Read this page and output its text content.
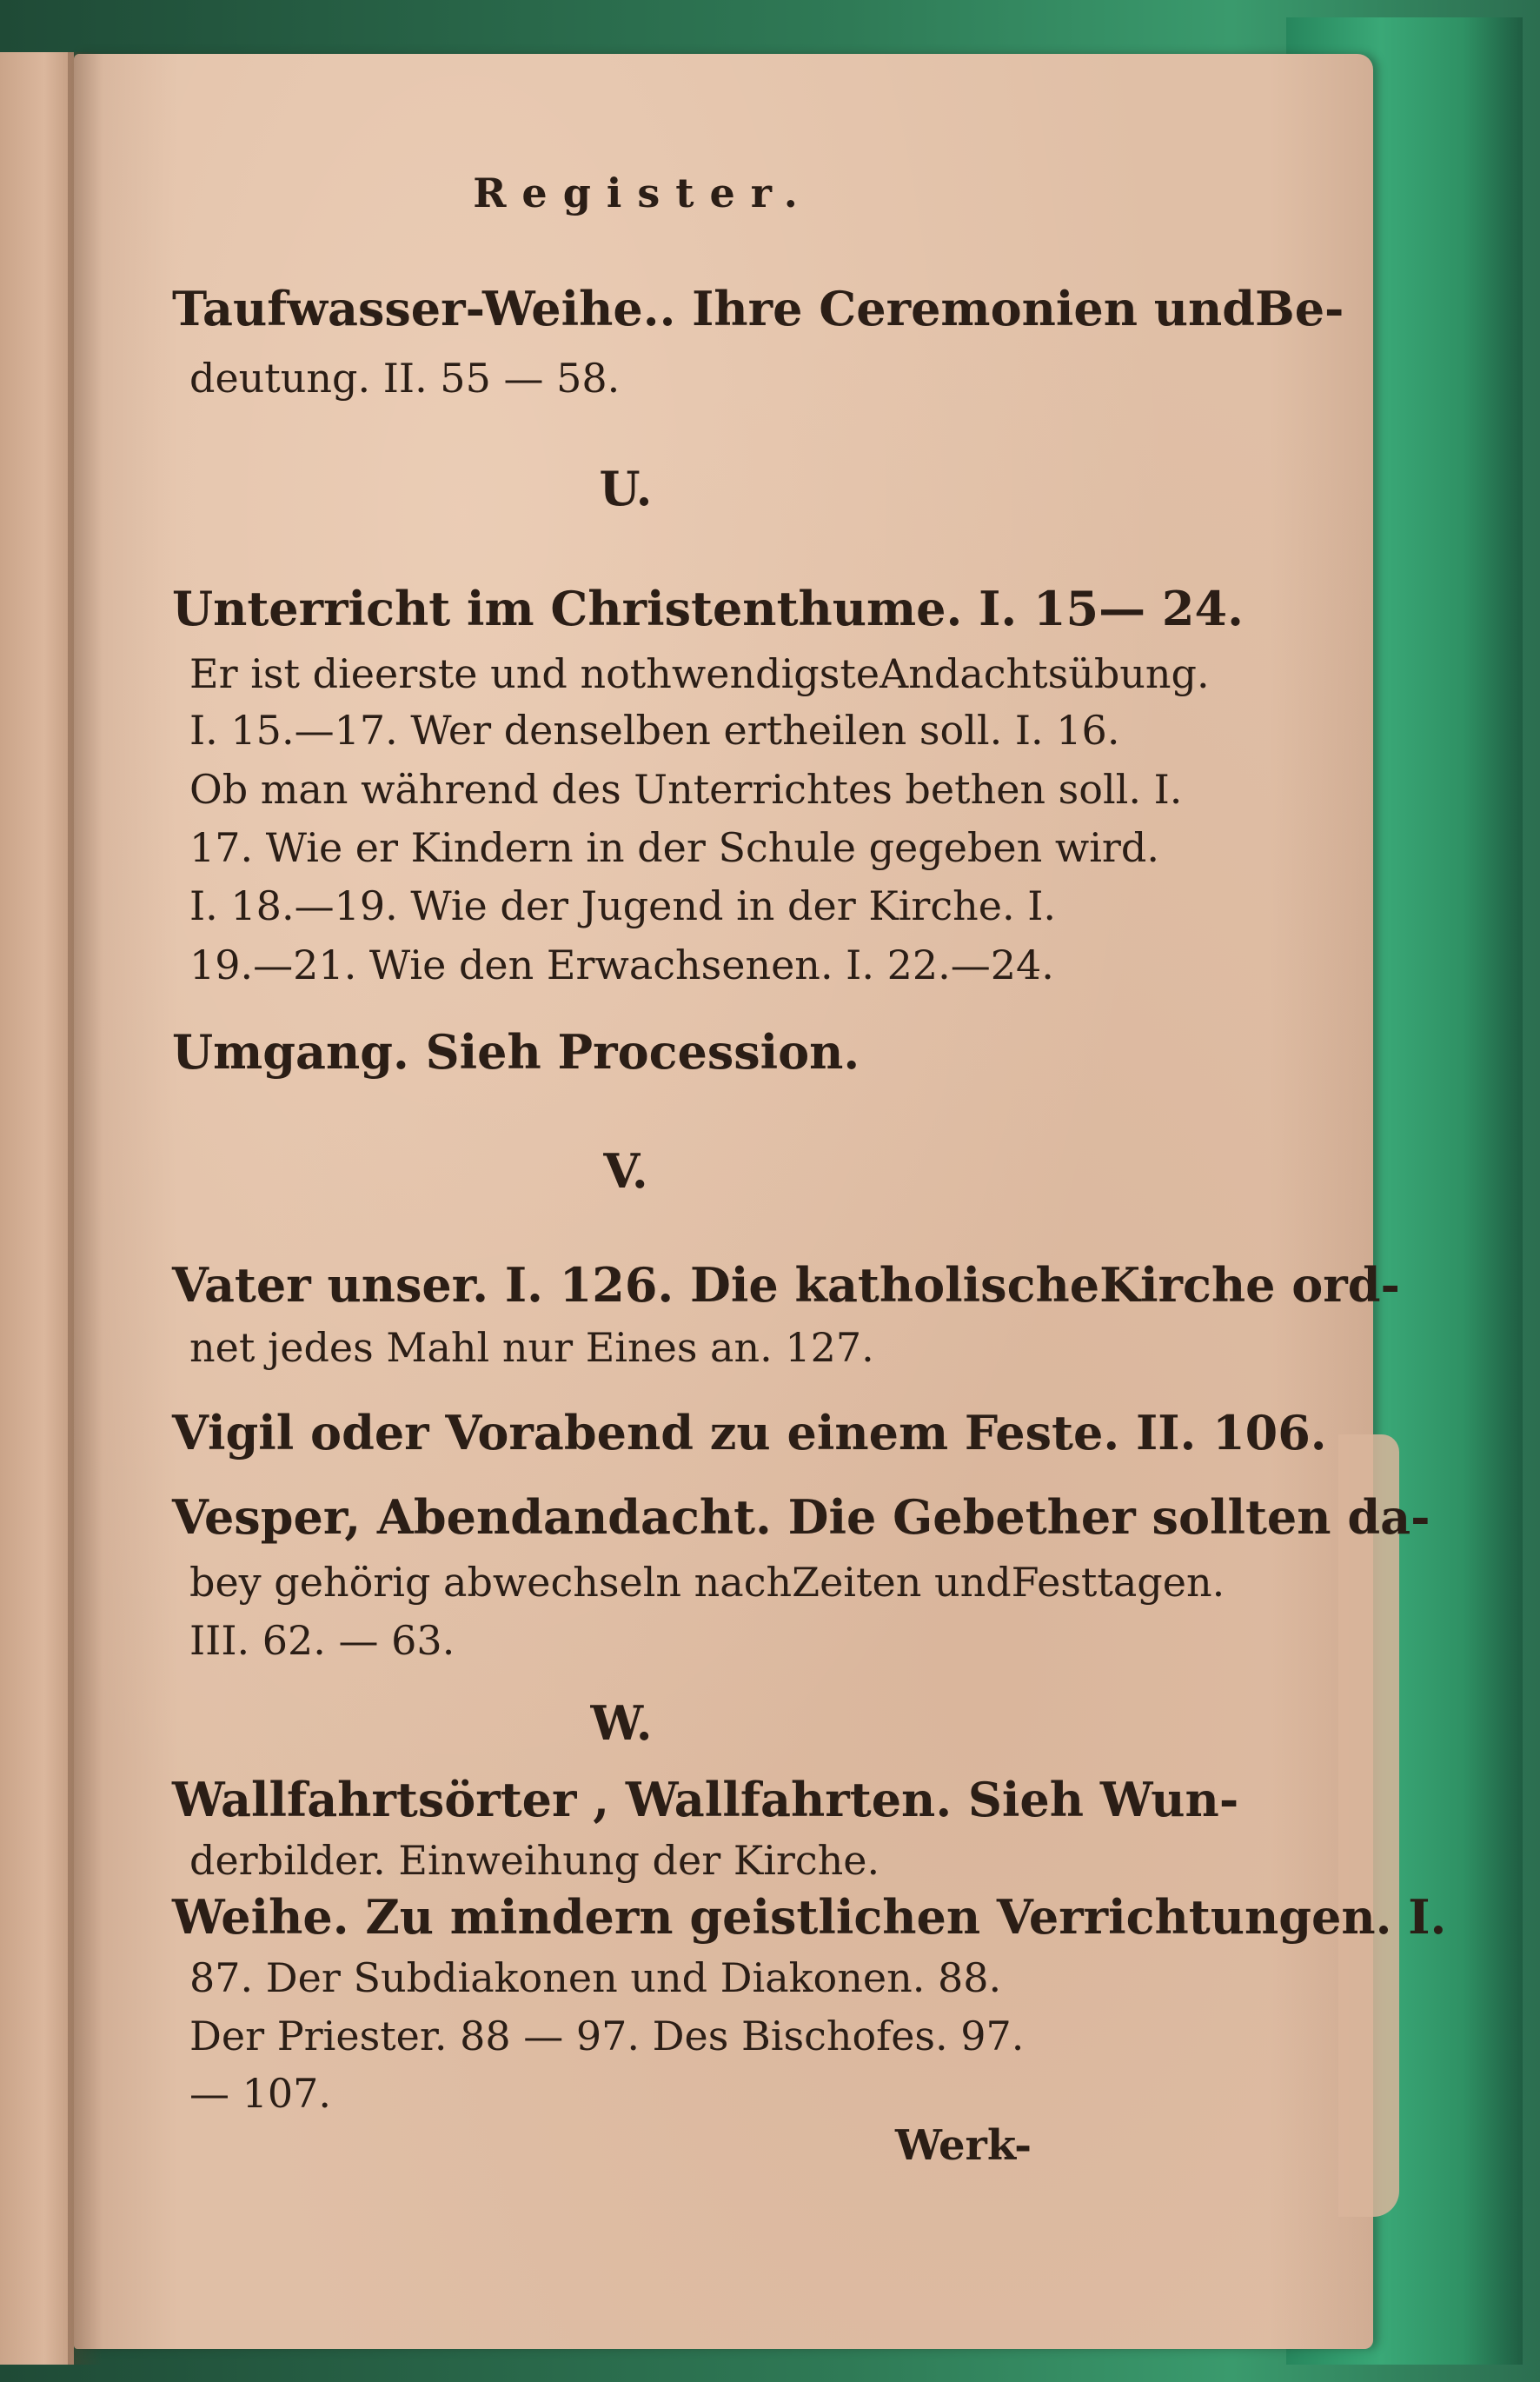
Register.
Taufwasser-Weihe.. Ihre Ceremonien undBe-
deutung. II. 55 — 58.
U.
Unterricht im Christenthume. I. 15— 24.
Er ist dieerste und nothwendigsteAndachtsübung.
I. 15.—17. Wer denselben ertheilen soll. I. 16.
Ob man während des Unterrichtes bethen soll. I.
17. Wie er Kindern in der Schule gegeben wird.
I. 18.—19. Wie der Jugend in der Kirche. I.
19.—21. Wie den Erwachsenen. I. 22.—24.
Umgang. Sieh Procession.
V.
Vater unser. I. 126. Die katholischeKirche ord-
net jedes Mahl nur Eines an. 127.
Vigil oder Vorabend zu einem Feste. II. 106.
Vesper, Abendandacht. Die Gebether sollten da-
bey gehörig abwechseln nachZeiten undFesttagen.
III. 62. — 63.
W.
Wallfahrtsörter , Wallfahrten. Sieh Wun-
derbilder. Einweihung der Kirche.
Weihe. Zu mindern geistlichen Verrichtungen. I.
87. Der Subdiakonen und Diakonen. 88.
Der Priester. 88 — 97. Des Bischofes. 97.
— 107.
Werk-
